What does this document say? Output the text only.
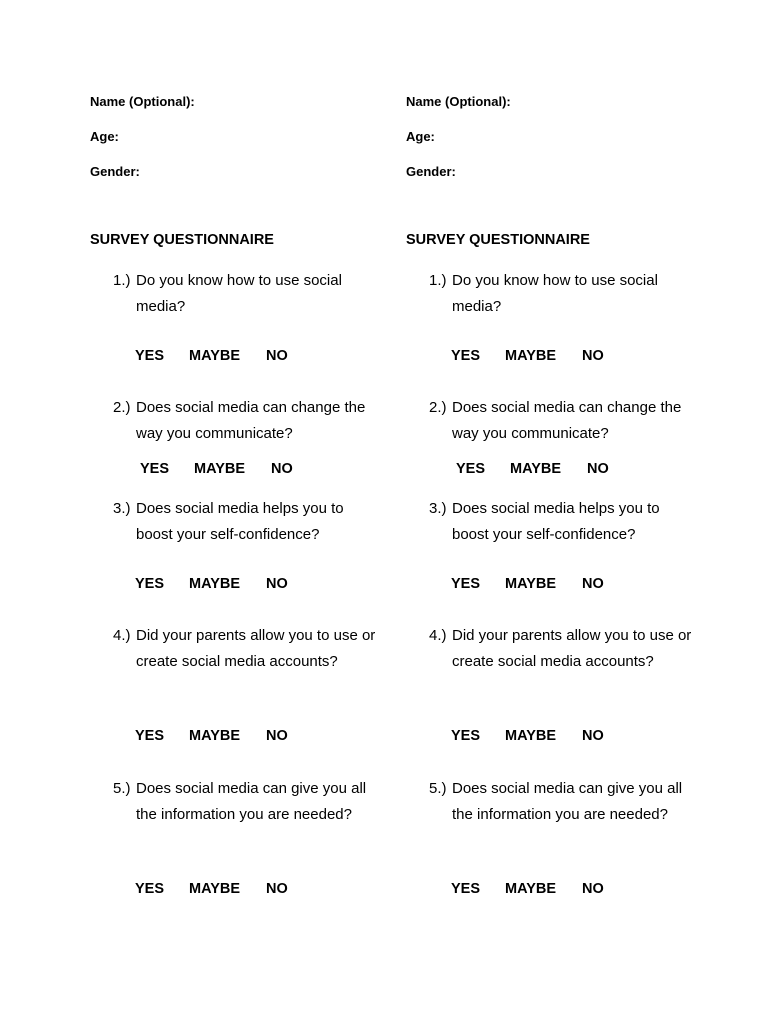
Name (Optional):
Age:
Gender:
SURVEY QUESTIONNAIRE
1.) Do you know how to use social media?
YES MAYBE NO
2.) Does social media can change the way you communicate?
YES MAYBE NO
3.) Does social media helps you to boost your self-confidence?
YES MAYBE NO
4.) Did your parents allow you to use or create social media accounts?
YES MAYBE NO
5.) Does social media can give you all the information you are needed?
YES MAYBE NO
Name (Optional):
Age:
Gender:
SURVEY QUESTIONNAIRE
1.) Do you know how to use social media?
YES MAYBE NO
2.) Does social media can change the way you communicate?
YES MAYBE NO
3.) Does social media helps you to boost your self-confidence?
YES MAYBE NO
4.) Did your parents allow you to use or create social media accounts?
YES MAYBE NO
5.) Does social media can give you all the information you are needed?
YES MAYBE NO
